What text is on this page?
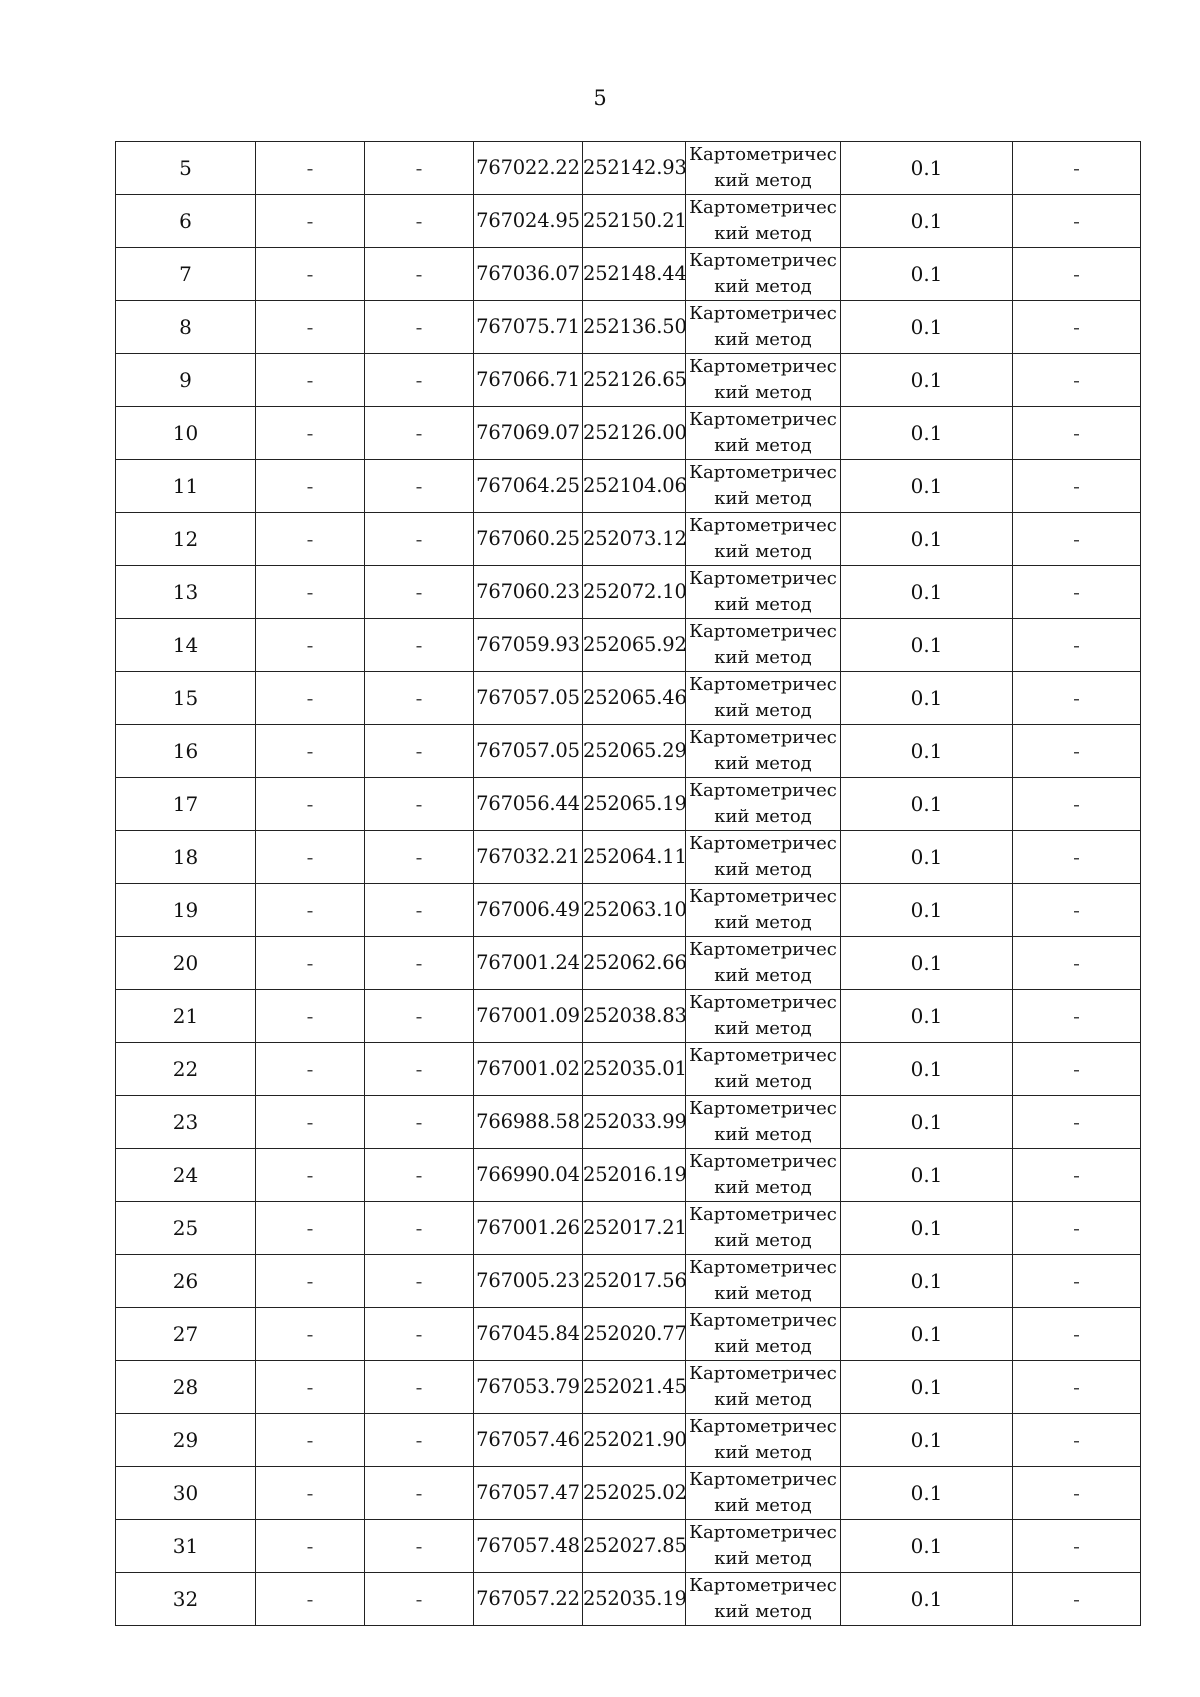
5
5	-	-	767022.22	252142.93	Картометричес
кий метод	0.1	-
6	-	-	767024.95	252150.21	Картометричес
кий метод	0.1	-
7	-	-	767036.07	252148.44	Картометричес
кий метод	0.1	-
8	-	-	767075.71	252136.50	Картометричес
кий метод	0.1	-
9	-	-	767066.71	252126.65	Картометричес
кий метод	0.1	-
10	-	-	767069.07	252126.00	Картометричес
кий метод	0.1	-
11	-	-	767064.25	252104.06	Картометричес
кий метод	0.1	-
12	-	-	767060.25	252073.12	Картометричес
кий метод	0.1	-
13	-	-	767060.23	252072.10	Картометричес
кий метод	0.1	-
14	-	-	767059.93	252065.92	Картометричес
кий метод	0.1	-
15	-	-	767057.05	252065.46	Картометричес
кий метод	0.1	-
16	-	-	767057.05	252065.29	Картометричес
кий метод	0.1	-
17	-	-	767056.44	252065.19	Картометричес
кий метод	0.1	-
18	-	-	767032.21	252064.11	Картометричес
кий метод	0.1	-
19	-	-	767006.49	252063.10	Картометричес
кий метод	0.1	-
20	-	-	767001.24	252062.66	Картометричес
кий метод	0.1	-
21	-	-	767001.09	252038.83	Картометричес
кий метод	0.1	-
22	-	-	767001.02	252035.01	Картометричес
кий метод	0.1	-
23	-	-	766988.58	252033.99	Картометричес
кий метод	0.1	-
24	-	-	766990.04	252016.19	Картометричес
кий метод	0.1	-
25	-	-	767001.26	252017.21	Картометричес
кий метод	0.1	-
26	-	-	767005.23	252017.56	Картометричес
кий метод	0.1	-
27	-	-	767045.84	252020.77	Картометричес
кий метод	0.1	-
28	-	-	767053.79	252021.45	Картометричес
кий метод	0.1	-
29	-	-	767057.46	252021.90	Картометричес
кий метод	0.1	-
30	-	-	767057.47	252025.02	Картометричес
кий метод	0.1	-
31	-	-	767057.48	252027.85	Картометричес
кий метод	0.1	-
32	-	-	767057.22	252035.19	Картометричес
кий метод	0.1	-
